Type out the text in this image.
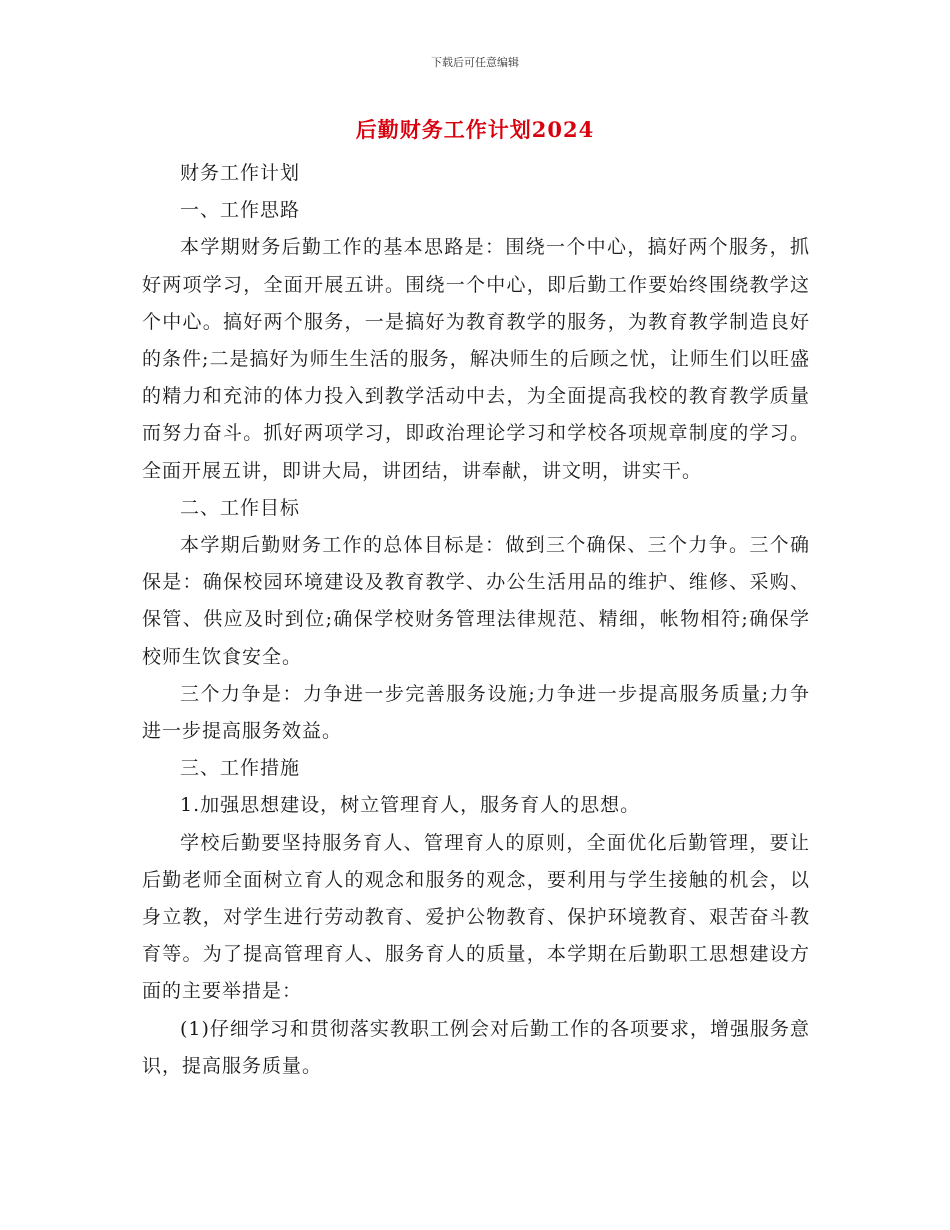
下载后可任意编辑
后勤财务工作计划2024

财务工作计划

一、工作思路

本学期财务后勤工作的基本思路是：围绕一个中心，搞好两个服务，抓好两项学习，全面开展五讲。围绕一个中心，即后勤工作要始终围绕教学这个中心。搞好两个服务，一是搞好为教育教学的服务，为教育教学制造良好的条件;二是搞好为师生生活的服务，解决师生的后顾之忧，让师生们以旺盛的精力和充沛的体力投入到教学活动中去，为全面提高我校的教育教学质量而努力奋斗。抓好两项学习，即政治理论学习和学校各项规章制度的学习。全面开展五讲，即讲大局，讲团结，讲奉献，讲文明，讲实干。

二、工作目标

本学期后勤财务工作的总体目标是：做到三个确保、三个力争。三个确保是：确保校园环境建设及教育教学、办公生活用品的维护、维修、采购、保管、供应及时到位;确保学校财务管理法律规范、精细，帐物相符;确保学校师生饮食安全。

三个力争是：力争进一步完善服务设施;力争进一步提高服务质量;力争进一步提高服务效益。

三、工作措施

1.加强思想建设，树立管理育人，服务育人的思想。

学校后勤要坚持服务育人、管理育人的原则，全面优化后勤管理，要让后勤老师全面树立育人的观念和服务的观念，要利用与学生接触的机会，以身立教，对学生进行劳动教育、爱护公物教育、保护环境教育、艰苦奋斗教育等。为了提高管理育人、服务育人的质量，本学期在后勤职工思想建设方面的主要举措是：

(1)仔细学习和贯彻落实教职工例会对后勤工作的各项要求，增强服务意识，提高服务质量。
